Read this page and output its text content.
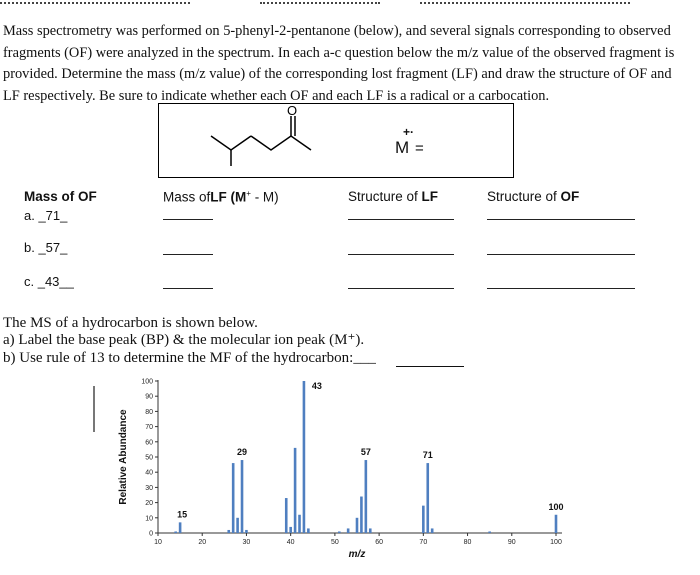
Mass spectrometry was performed on 5-phenyl-2-pentanone (below), and several signals corresponding to observed
fragments (OF) were analyzed in the spectrum. In each a-c question below the m/z value of the observed fragment is
provided. Determine the mass (m/z value) of the corresponding lost fragment (LF) and draw the structure of OF and
LF respectively. Be sure to indicate whether each OF and each LF is a radical or a carbocation.
O
M
+·
=
Mass of OF	Mass ofLF (M+ - M)	Structure of LF	Structure of OF
a. _71_
b. _57_
c. _43__
The MS of a hydrocarbon is shown below.
a) Label the base peak (BP) & the molecular ion peak (M⁺).
b) Use rule of 13 to determine the MF of the hydrocarbon:___
0
10
20
30
40
50
60
70
80
90
100
10	20	30	40	50	60	70	80	90	100
15
29
43
57	71
100
m/z
Relative Abundance
